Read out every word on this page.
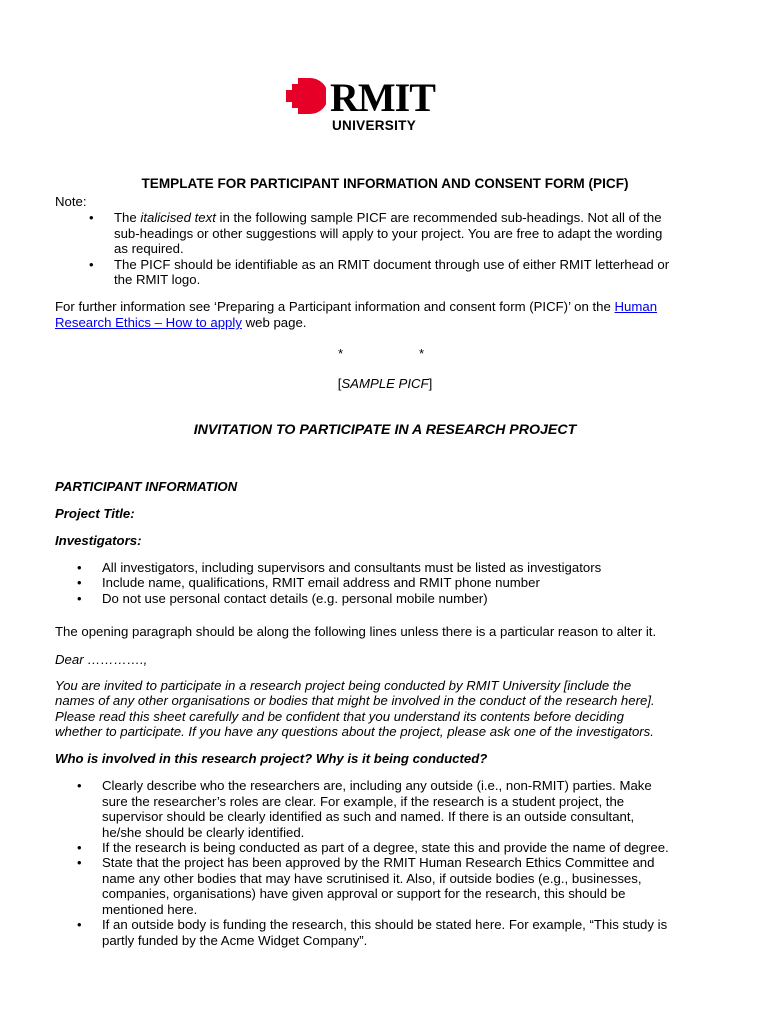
RMIT
UNIVERSITY
TEMPLATE FOR PARTICIPANT INFORMATION AND CONSENT FORM (PICF)
Note:
• The italicised text in the following sample PICF are recommended sub-headings. Not all of the
sub-headings or other suggestions will apply to your project. You are free to adapt the wording
as required.
• The PICF should be identifiable as an RMIT document through use of either RMIT letterhead or
the RMIT logo.
For further information see ‘Preparing a Participant information and consent form (PICF)’ on the Human
Research Ethics – How to apply web page.
*	*
[SAMPLE PICF]
INVITATION TO PARTICIPATE IN A RESEARCH PROJECT
PARTICIPANT INFORMATION
Project Title:
Investigators:
• All investigators, including supervisors and consultants must be listed as investigators
• Include name, qualifications, RMIT email address and RMIT phone number
• Do not use personal contact details (e.g. personal mobile number)
The opening paragraph should be along the following lines unless there is a particular reason to alter it.
Dear ………….,
You are invited to participate in a research project being conducted by RMIT University [include the
names of any other organisations or bodies that might be involved in the conduct of the research here].
Please read this sheet carefully and be confident that you understand its contents before deciding
whether to participate. If you have any questions about the project, please ask one of the investigators.
Who is involved in this research project? Why is it being conducted?
• Clearly describe who the researchers are, including any outside (i.e., non-RMIT) parties. Make
sure the researcher’s roles are clear. For example, if the research is a student project, the
supervisor should be clearly identified as such and named. If there is an outside consultant,
he/she should be clearly identified.
• If the research is being conducted as part of a degree, state this and provide the name of degree.
• State that the project has been approved by the RMIT Human Research Ethics Committee and
name any other bodies that may have scrutinised it. Also, if outside bodies (e.g., businesses,
companies, organisations) have given approval or support for the research, this should be
mentioned here.
• If an outside body is funding the research, this should be stated here. For example, “This study is
partly funded by the Acme Widget Company”.
